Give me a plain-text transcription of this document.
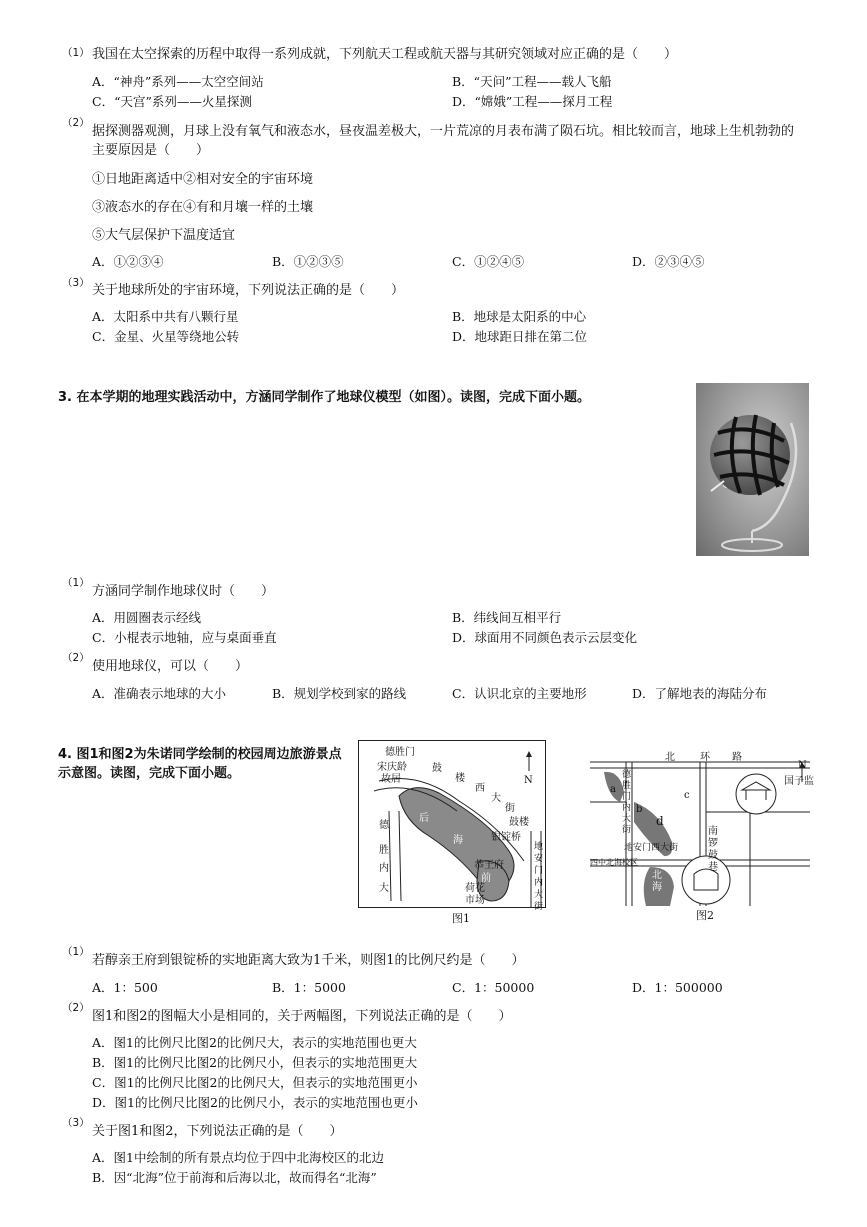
（1） 我国在太空探索的历程中取得一系列成就，下列航天工程或航天器与其研究领域对应正确的是（　　）
A．“神舟”系列——太空空间站	B．“天问”工程——载人飞船
C．“天宫”系列——火星探测	D．“嫦娥”工程——探月工程
（2）
据探测器观测，月球上没有氧气和液态水，昼夜温差极大，一片荒凉的月表布满了陨石坑。相比较而言，地球上生机勃勃的
主要原因是（　　）
①日地距离适中②相对安全的宇宙环境
③液态水的存在④有和月壤一样的土壤
⑤大气层保护下温度适宜
A．①②③④	B．①②③⑤	C．①②④⑤	D．②③④⑤
（3） 关于地球所处的宇宙环境，下列说法正确的是（　　）
A．太阳系中共有八颗行星	B．地球是太阳系的中心
C．金星、火星等绕地公转	D．地球距日排在第二位
3. 在本学期的地理实践活动中，方涵同学制作了地球仪模型（如图）。读图，完成下面小题。
（1）
方涵同学制作地球仪时（　　）
A．用圆圈表示经线	B．纬线间互相平行
C．小棍表示地轴，应与桌面垂直	D．球面用不同颜色表示云层变化
（2）
使用地球仪，可以（　　）
A．准确表示地球的大小	B．规划学校到家的路线	C．认识北京的主要地形	D．了解地表的海陆分布
4. 图1和图2为朱诺同学绘制的校园周边旅游景点
示意图。读图，完成下面小题。
德胜门
宋庆龄
故居
鼓
楼
西
大
街
鼓楼
后
海	银锭桥
恭王府
前
荷花
市场
N
德
胜
内
大
地安门内大街
图1
北	环 路
国子监
N
a
b
c
d
南锣鼓巷
德胜门内大街
地安门西大街
四中北海校区
北海
图2
（1）
若醇亲王府到银锭桥的实地距离大致为1千米，则图1的比例尺约是（　　）
A．1：500	B．1：5000	C．1：50000	D．1：500000
（2）
图1和图2的图幅大小是相同的，关于两幅图，下列说法正确的是（　　）
A．图1的比例尺比图2的比例尺大，表示的实地范围也更大
B．图1的比例尺比图2的比例尺小，但表示的实地范围更大
C．图1的比例尺比图2的比例尺大，但表示的实地范围更小
D．图1的比例尺比图2的比例尺小，表示的实地范围也更小
（3）
关于图1和图2，下列说法正确的是（　　）
A．图1中绘制的所有景点均位于四中北海校区的北边
B．因“北海”位于前海和后海以北，故而得名“北海”
